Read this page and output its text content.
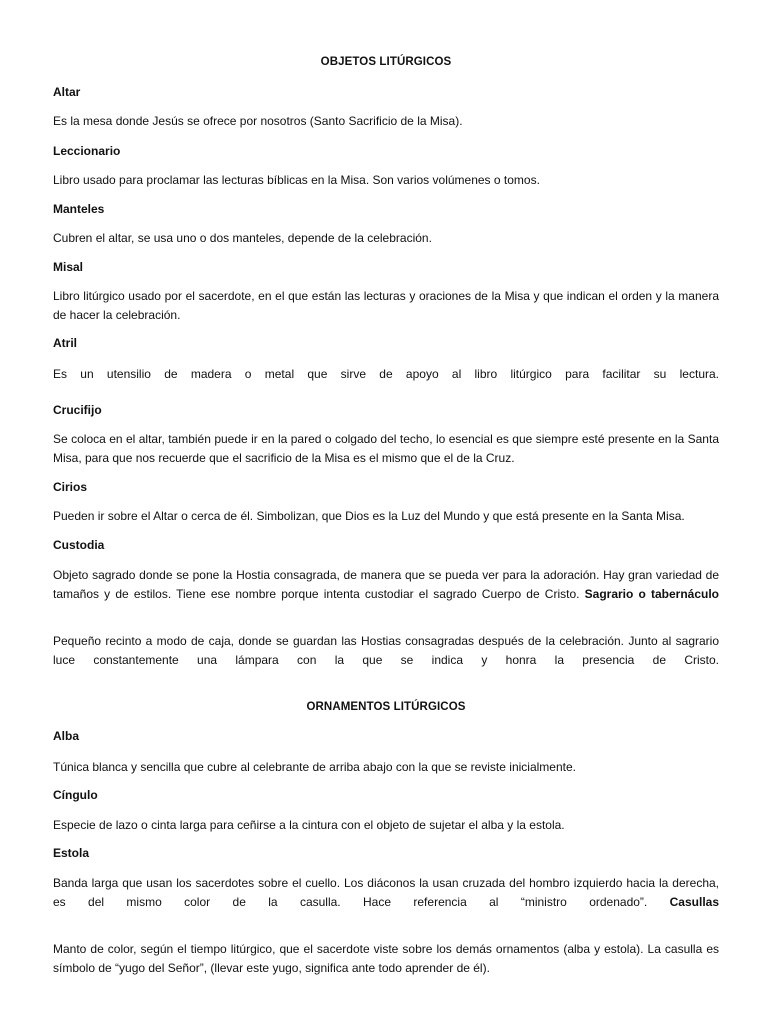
OBJETOS LITÚRGICOS
Altar
Es la mesa donde Jesús se ofrece por nosotros (Santo Sacrificio de la Misa).
Leccionario
Libro usado para proclamar las lecturas bíblicas en la Misa. Son varios volúmenes o tomos.
Manteles
Cubren el altar, se usa uno o dos manteles, depende de la celebración.
Misal
Libro litúrgico usado por el sacerdote, en el que están las lecturas y oraciones de la Misa y que indican el orden y la manera de hacer la celebración.
Atril
Es un utensilio de madera o metal que sirve de apoyo al libro litúrgico para facilitar su lectura.
Crucifijo
Se coloca en el altar, también puede ir en la pared o colgado del techo, lo esencial es que siempre esté presente en la Santa Misa, para que nos recuerde que el sacrificio de la Misa es el mismo que el de la Cruz.
Cirios
Pueden ir sobre el Altar o cerca de él. Simbolizan, que Dios es la Luz del Mundo y que está presente en la Santa Misa.
Custodia
Objeto sagrado donde se pone la Hostia consagrada, de manera que se pueda ver para la adoración. Hay gran variedad de tamaños y de estilos. Tiene ese nombre porque intenta custodiar el sagrado Cuerpo de Cristo. Sagrario o tabernáculo
Pequeño recinto a modo de caja, donde se guardan las Hostias consagradas después de la celebración. Junto al sagrario luce constantemente una lámpara con la que se indica y honra la presencia de Cristo.
ORNAMENTOS LITÚRGICOS
Alba
Túnica blanca y sencilla que cubre al celebrante de arriba abajo con la que se reviste inicialmente.
Cíngulo
Especie de lazo o cinta larga para ceñirse a la cintura con el objeto de sujetar el alba y la estola.
Estola
Banda larga que usan los sacerdotes sobre el cuello. Los diáconos la usan cruzada del hombro izquierdo hacia la derecha, es del mismo color de la casulla. Hace referencia al “ministro ordenado”. Casullas
Manto de color, según el tiempo litúrgico, que el sacerdote viste sobre los demás ornamentos (alba y estola). La casulla es símbolo de “yugo del Señor”, (llevar este yugo, significa ante todo aprender de él).
